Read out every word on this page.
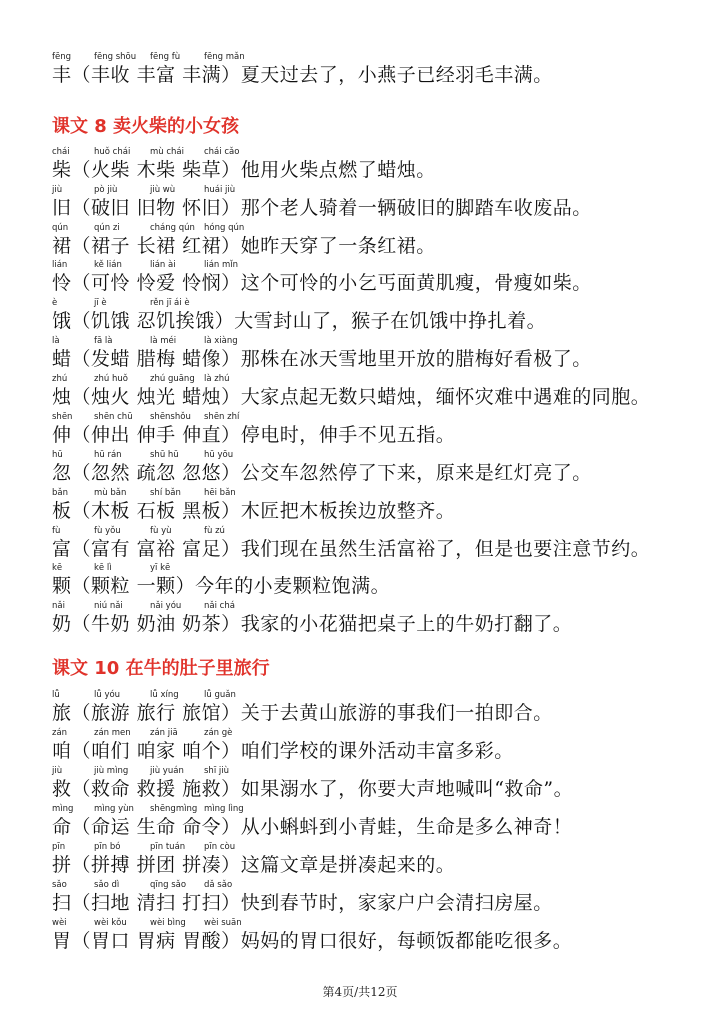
课文 8 卖火柴的小女孩
课文 10 在牛的肚子里旅行
fēng	fēng shōu fēng fù	fēng mǎn
丰（丰收 丰富 丰满）夏天过去了，小燕子已经羽毛丰满。
chái	huǒ chái mù chái chái cǎo
柴（火柴 木柴 柴草）他用火柴点燃了蜡烛。
jiù	pò jiù	jiù wù	huái jiù
旧（破旧 旧物 怀旧）那个老人骑着一辆破旧的脚踏车收废品。
qún	qún zi	cháng qún hóng qún
裙（裙子 长裙 红裙）她昨天穿了一条红裙。
lián	kě lián	lián ài	lián mǐn
怜（可怜 怜爱 怜悯）这个可怜的小乞丐面黄肌瘦，骨瘦如柴。
è	jī è	rěn jī ái è
饿（饥饿 忍饥挨饿）大雪封山了，猴子在饥饿中挣扎着。
là	fā là	là méi	là xiàng
蜡（发蜡 腊梅 蜡像）那株在冰天雪地里开放的腊梅好看极了。
zhú	zhú huǒ	zhú guāng là zhú
烛（烛火 烛光 蜡烛）大家点起无数只蜡烛，缅怀灾难中遇难的同胞。
shēn	shēn chū shēnshǒu shēn zhí
伸（伸出 伸手 伸直）停电时，伸手不见五指。
hū	hū rán	shū hū	hū yōu
忽（忽然 疏忽 忽悠）公交车忽然停了下来，原来是红灯亮了。
bǎn	mù bǎn	shí bǎn	hēi bǎn
板（木板 石板 黑板）木匠把木板挨边放整齐。
fù	fù yǒu	fù yù	fù zú
富（富有 富裕 富足）我们现在虽然生活富裕了，但是也要注意节约。
kē	kē lì	yī kē
颗（颗粒 一颗）今年的小麦颗粒饱满。
nǎi	niú nǎi	nǎi yóu	nǎi chá
奶（牛奶 奶油 奶茶）我家的小花猫把桌子上的牛奶打翻了。
lǚ	lǚ yóu	lǚ xíng	lǚ guǎn
旅（旅游 旅行 旅馆）关于去黄山旅游的事我们一拍即合。
zán	zán men zán jiā	zán gè
咱（咱们 咱家 咱个）咱们学校的课外活动丰富多彩。
jiù	jiù mìng	jiù yuán shī jiù
救（救命 救援 施救）如果溺水了，你要大声地喊叫“救命”。
mìng mìng yùn shēngmìng mìng lìng
命（命运 生命 命令）从小蝌蚪到小青蛙，生命是多么神奇！
pīn	pīn bó	pīn tuán pīn còu
拼（拼搏 拼团 拼凑）这篇文章是拼凑起来的。
sǎo	sǎo dì	qīng sǎo dǎ sǎo
扫（扫地 清扫 打扫）快到春节时，家家户户会清扫房屋。
wèi	wèi kǒu	wèi bìng wèi suān
胃（胃口 胃病 胃酸）妈妈的胃口很好，每顿饭都能吃很多。
第4页/共12页
